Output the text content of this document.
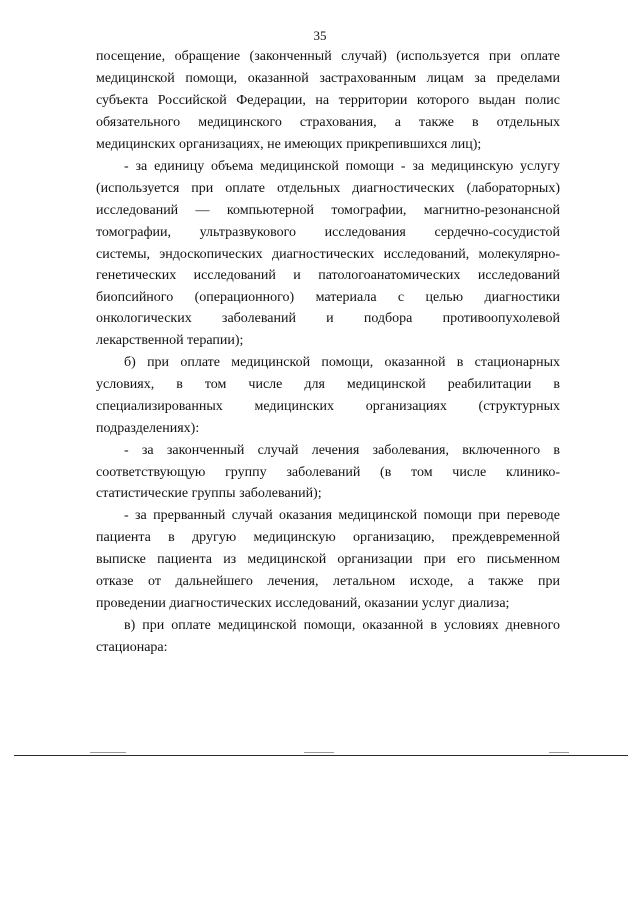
35
посещение, обращение (законченный случай) (используется при оплате
медицинской помощи, оказанной застрахованным лицам за пределами
субъекта Российской Федерации, на территории которого выдан полис
обязательного медицинского страхования, а также в отдельных
медицинских организациях, не имеющих прикрепившихся лиц);
- за единицу объема медицинской помощи - за медицинскую услугу
(используется при оплате отдельных диагностических (лабораторных)
исследований — компьютерной томографии, магнитно-резонансной
томографии, ультразвукового исследования сердечно-сосудистой
системы, эндоскопических диагностических исследований, молекулярно-
генетических исследований и патологоанатомических исследований
биопсийного (операционного) материала с целью диагностики
онкологических заболеваний и подбора противоопухолевой
лекарственной терапии);
б) при оплате медицинской помощи, оказанной в стационарных
условиях, в том числе для медицинской реабилитации в
специализированных медицинских организациях (структурных
подразделениях):
- за законченный случай лечения заболевания, включенного в
соответствующую группу заболеваний (в том числе клинико-
статистические группы заболеваний);
- за прерванный случай оказания медицинской помощи при переводе
пациента в другую медицинскую организацию, преждевременной
выписке пациента из медицинской организации при его письменном
отказе от дальнейшего лечения, летальном исходе, а также при
проведении диагностических исследований, оказании услуг диализа;
в) при оплате медицинской помощи, оказанной в условиях дневного
стационара:
